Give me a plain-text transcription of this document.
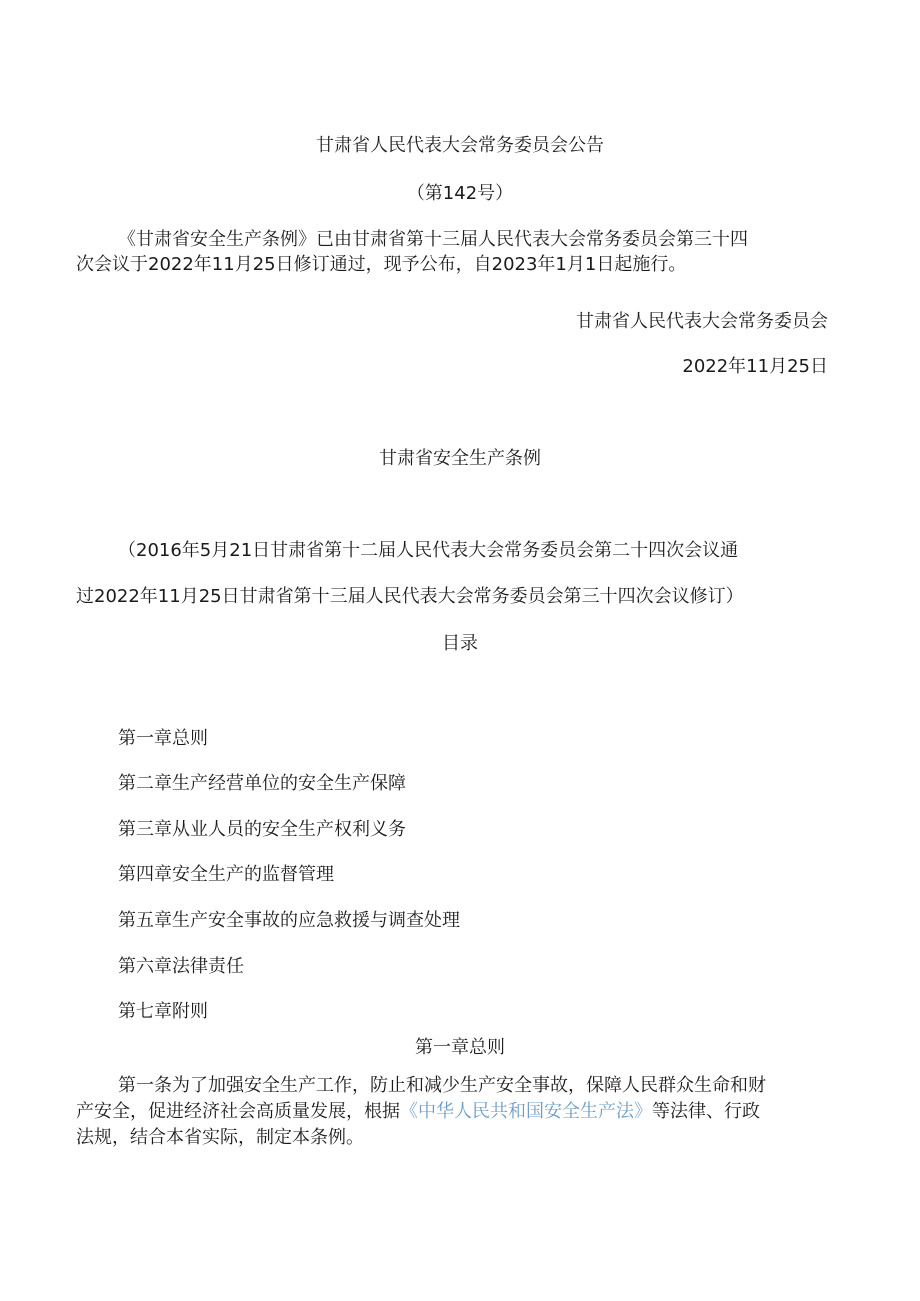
甘肃省人民代表大会常务委员会公告
（第142号）
《甘肃省安全生产条例》已由甘肃省第十三届人民代表大会常务委员会第三十四
次会议于2022年11月25日修订通过，现予公布，自2023年1月1日起施行。
甘肃省人民代表大会常务委员会
2022年11月25日
甘肃省安全生产条例
（2016年5月21日甘肃省第十二届人民代表大会常务委员会第二十四次会议通
过2022年11月25日甘肃省第十三届人民代表大会常务委员会第三十四次会议修订）
目录
第一章总则
第二章生产经营单位的安全生产保障
第三章从业人员的安全生产权利义务
第四章安全生产的监督管理
第五章生产安全事故的应急救援与调查处理
第六章法律责任
第七章附则
第一章总则
第一条为了加强安全生产工作，防止和减少生产安全事故，保障人民群众生命和财
产安全，促进经济社会高质量发展，根据《中华人民共和国安全生产法》等法律、行政
法规，结合本省实际，制定本条例。
